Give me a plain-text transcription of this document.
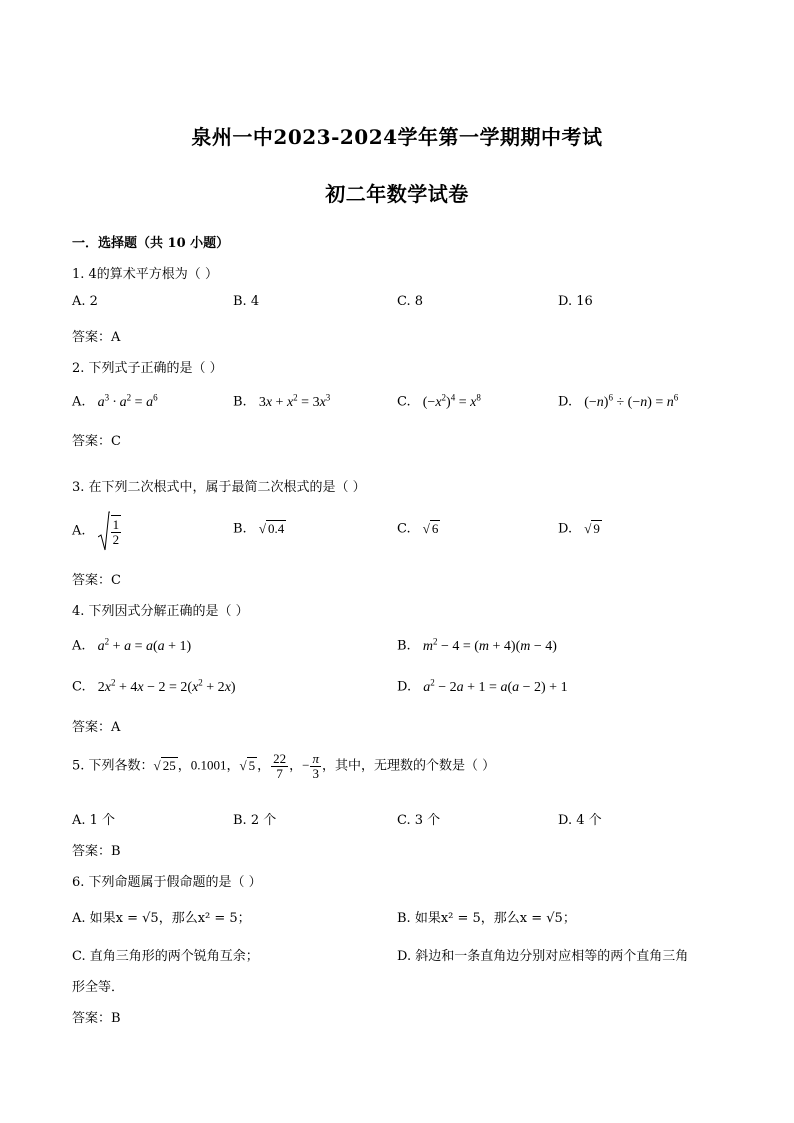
泉州一中2023-2024学年第一学期期中考试
初二年数学试卷
一．选择题（共 10 小题）
1. 4的算术平方根为（ ）
A. 2	B. 4	C. 8	D. 16
答案：A
2. 下列式子正确的是（ ）
A. $a^3 \cdot a^2 = a^6$	B. $3x + x^2 = 3x^3$	C. $(-x^2)^4 = x^8$	D. $(-n)^6 \div (-n) = n^6$
答案：C
3. 在下列二次根式中，属于最简二次根式的是（ ）
A. $\frac{1}{2}$	B. √ 0.4	C. √ 6	D. √ 9
答案：C
4. 下列因式分解正确的是（ ）
A. $a^2 + a = a(a + 1)$	B. $m^2 - 4 = (m + 4)(m - 4)$
C. $2x^2 + 4x - 2 = 2(x^2 + 2x)$	D. $a^2 - 2a + 1 = a(a - 2) + 1$
答案：A
5. 下列各数：√ 25 ，0.1001，√ 5 ， $\frac{22}{7}$ ，− $\frac{\pi}{3}$ ，其中，无理数的个数是（ ）
A. 1 个	B. 2 个	C. 3 个	D. 4 个
答案：B
6. 下列命题属于假命题的是（ ）
A. 如果x = √5，那么x² = 5；	B. 如果x² = 5，那么x = √5；
C. 直角三角形的两个锐角互余；	D. 斜边和一条直角边分别对应相等的两个直角三角
形全等．
答案：B
